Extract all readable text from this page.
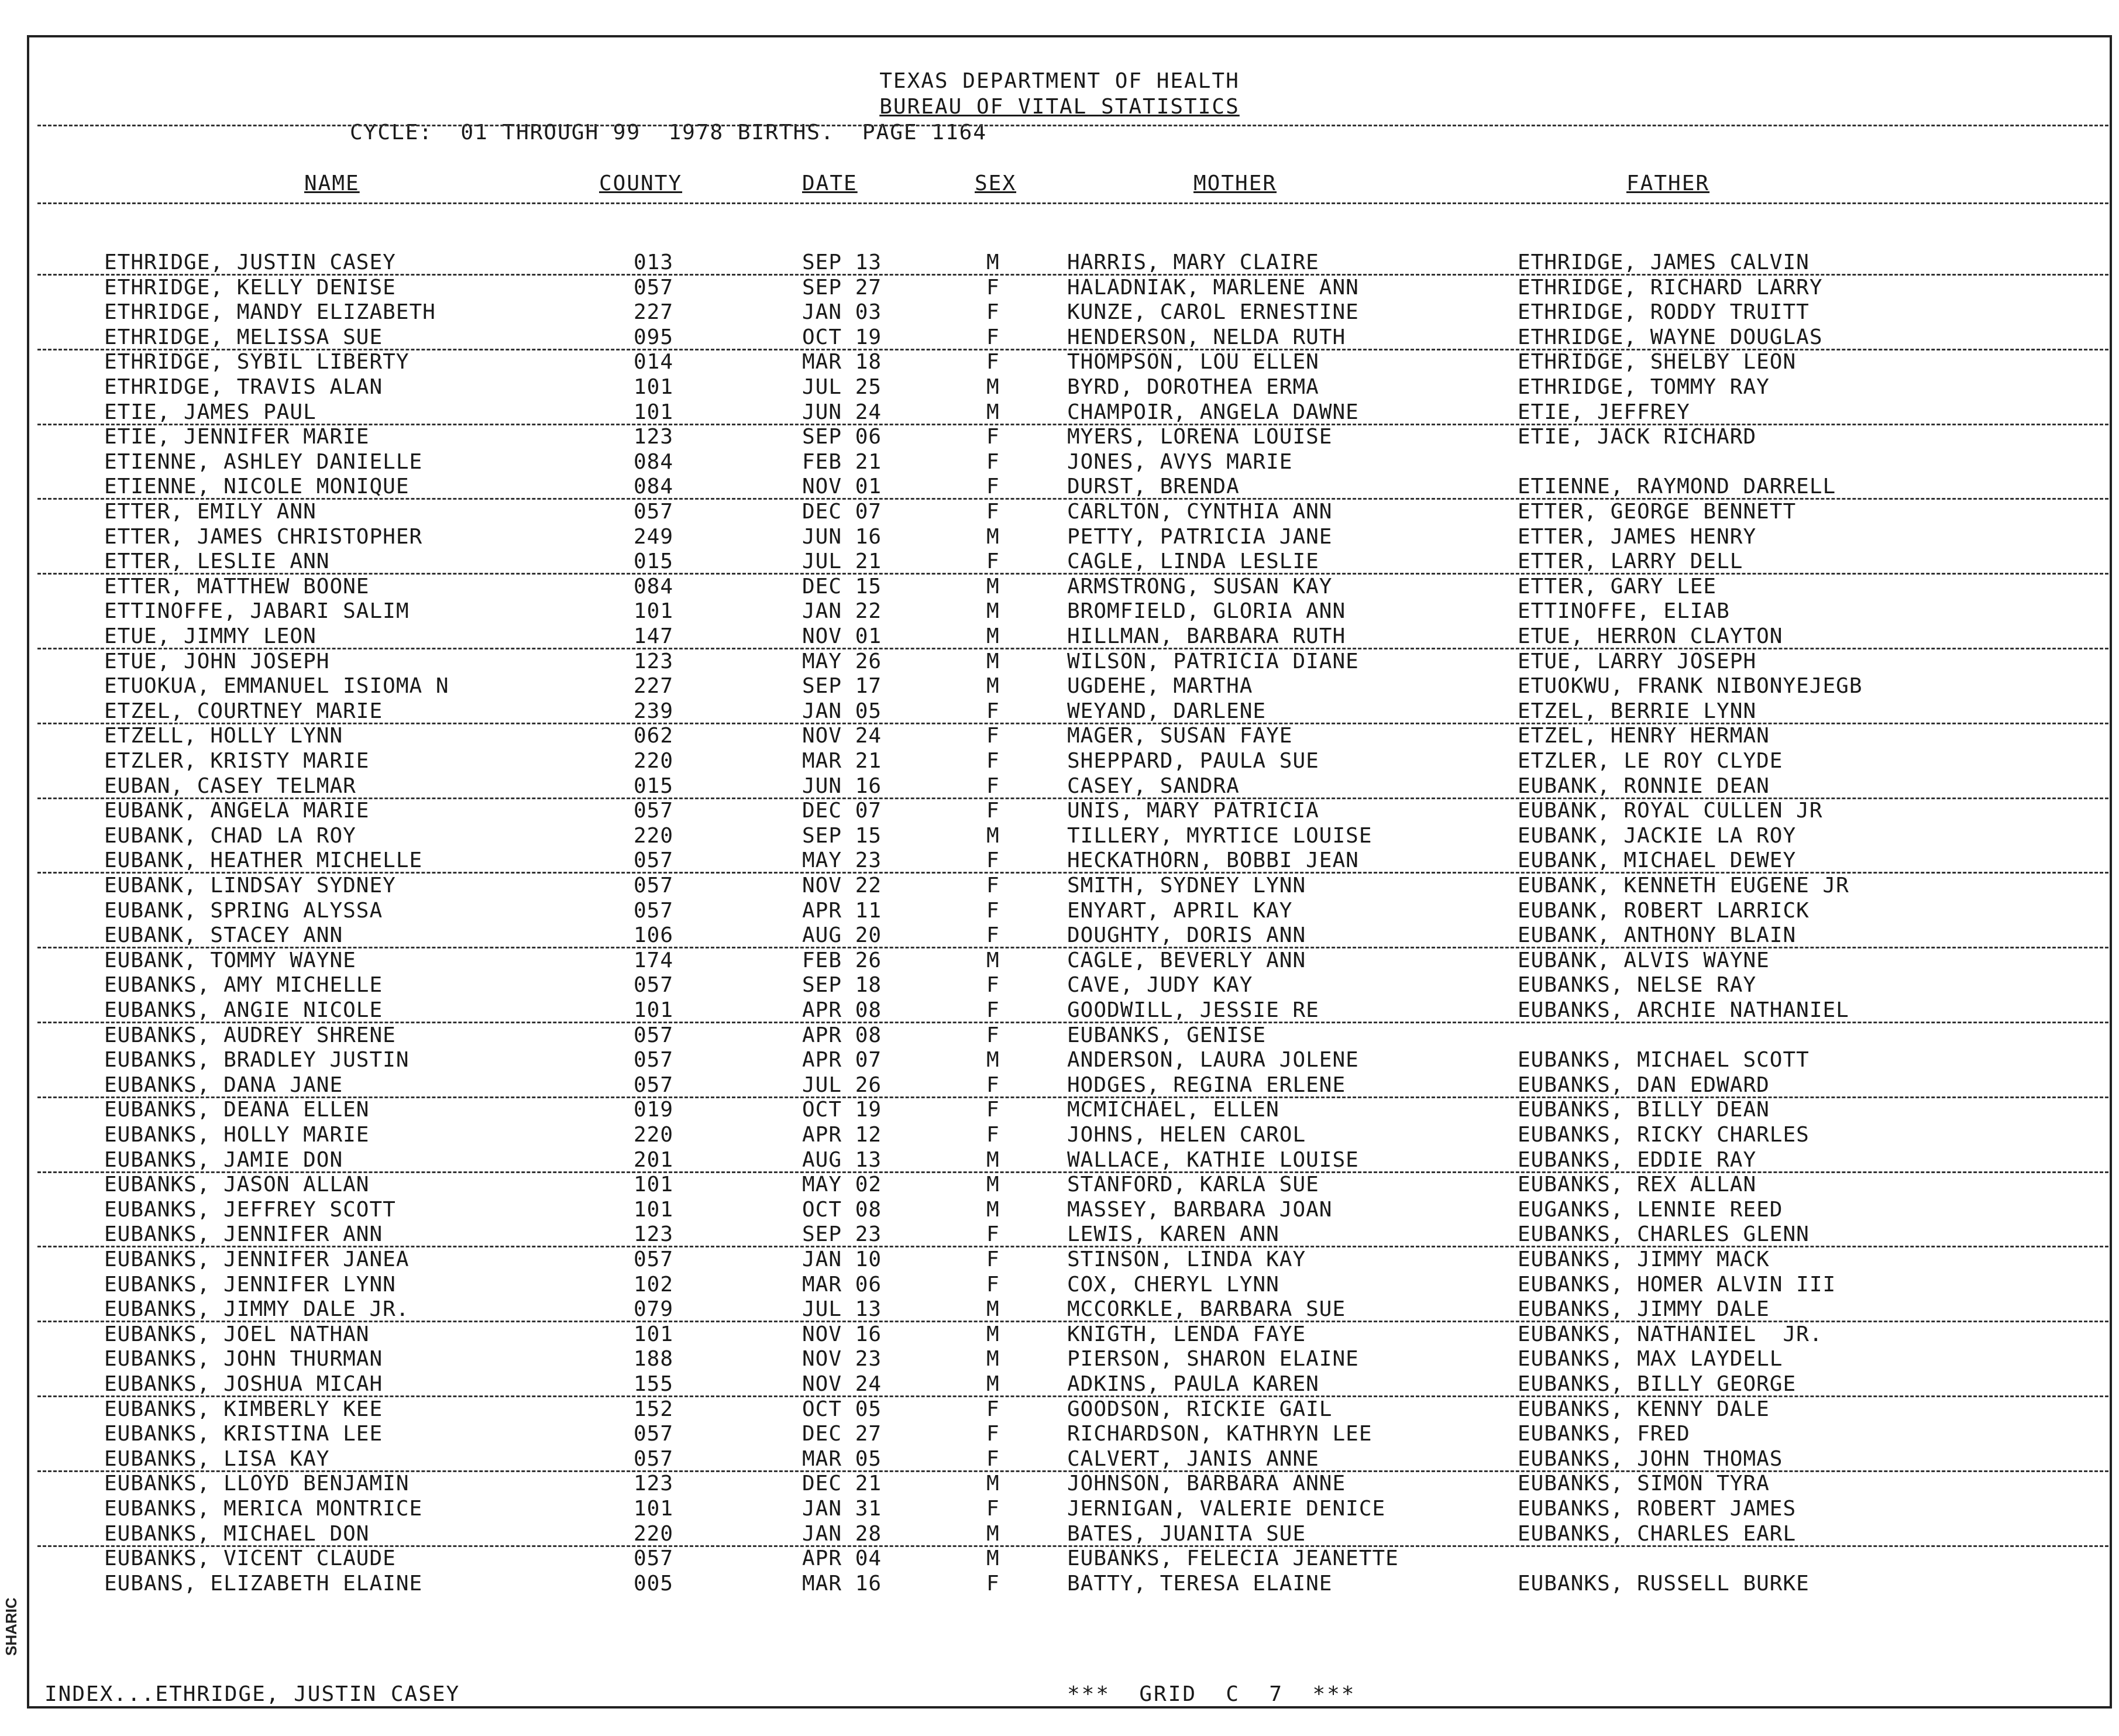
SHARIC
TEXAS DEPARTMENT OF HEALTH
BUREAU OF VITAL STATISTICS
CYCLE:  01 THROUGH 99  1978 BIRTHS.  PAGE 1164
NAME	COUNTY	DATE	SEX	MOTHER	FATHER
ETHRIDGE, JUSTIN CASEY	013	SEP 13	M	HARRIS, MARY CLAIRE	ETHRIDGE, JAMES CALVIN
ETHRIDGE, KELLY DENISE	057	SEP 27	F	HALADNIAK, MARLENE ANN	ETHRIDGE, RICHARD LARRY
ETHRIDGE, MANDY ELIZABETH	227	JAN 03	F	KUNZE, CAROL ERNESTINE	ETHRIDGE, RODDY TRUITT
ETHRIDGE, MELISSA SUE	095	OCT 19	F	HENDERSON, NELDA RUTH	ETHRIDGE, WAYNE DOUGLAS
ETHRIDGE, SYBIL LIBERTY	014	MAR 18	F	THOMPSON, LOU ELLEN	ETHRIDGE, SHELBY LEON
ETHRIDGE, TRAVIS ALAN	101	JUL 25	M	BYRD, DOROTHEA ERMA	ETHRIDGE, TOMMY RAY
ETIE, JAMES PAUL	101	JUN 24	M	CHAMPOIR, ANGELA DAWNE	ETIE, JEFFREY
ETIE, JENNIFER MARIE	123	SEP 06	F	MYERS, LORENA LOUISE	ETIE, JACK RICHARD
ETIENNE, ASHLEY DANIELLE	084	FEB 21	F	JONES, AVYS MARIE
ETIENNE, NICOLE MONIQUE	084	NOV 01	F	DURST, BRENDA	ETIENNE, RAYMOND DARRELL
ETTER, EMILY ANN	057	DEC 07	F	CARLTON, CYNTHIA ANN	ETTER, GEORGE BENNETT
ETTER, JAMES CHRISTOPHER	249	JUN 16	M	PETTY, PATRICIA JANE	ETTER, JAMES HENRY
ETTER, LESLIE ANN	015	JUL 21	F	CAGLE, LINDA LESLIE	ETTER, LARRY DELL
ETTER, MATTHEW BOONE	084	DEC 15	M	ARMSTRONG, SUSAN KAY	ETTER, GARY LEE
ETTINOFFE, JABARI SALIM	101	JAN 22	M	BROMFIELD, GLORIA ANN	ETTINOFFE, ELIAB
ETUE, JIMMY LEON	147	NOV 01	M	HILLMAN, BARBARA RUTH	ETUE, HERRON CLAYTON
ETUE, JOHN JOSEPH	123	MAY 26	M	WILSON, PATRICIA DIANE	ETUE, LARRY JOSEPH
ETUOKUA, EMMANUEL ISIOMA N	227	SEP 17	M	UGDEHE, MARTHA	ETUOKWU, FRANK NIBONYEJEGB
ETZEL, COURTNEY MARIE	239	JAN 05	F	WEYAND, DARLENE	ETZEL, BERRIE LYNN
ETZELL, HOLLY LYNN	062	NOV 24	F	MAGER, SUSAN FAYE	ETZEL, HENRY HERMAN
ETZLER, KRISTY MARIE	220	MAR 21	F	SHEPPARD, PAULA SUE	ETZLER, LE ROY CLYDE
EUBAN, CASEY TELMAR	015	JUN 16	F	CASEY, SANDRA	EUBANK, RONNIE DEAN
EUBANK, ANGELA MARIE	057	DEC 07	F	UNIS, MARY PATRICIA	EUBANK, ROYAL CULLEN JR
EUBANK, CHAD LA ROY	220	SEP 15	M	TILLERY, MYRTICE LOUISE	EUBANK, JACKIE LA ROY
EUBANK, HEATHER MICHELLE	057	MAY 23	F	HECKATHORN, BOBBI JEAN	EUBANK, MICHAEL DEWEY
EUBANK, LINDSAY SYDNEY	057	NOV 22	F	SMITH, SYDNEY LYNN	EUBANK, KENNETH EUGENE JR
EUBANK, SPRING ALYSSA	057	APR 11	F	ENYART, APRIL KAY	EUBANK, ROBERT LARRICK
EUBANK, STACEY ANN	106	AUG 20	F	DOUGHTY, DORIS ANN	EUBANK, ANTHONY BLAIN
EUBANK, TOMMY WAYNE	174	FEB 26	M	CAGLE, BEVERLY ANN	EUBANK, ALVIS WAYNE
EUBANKS, AMY MICHELLE	057	SEP 18	F	CAVE, JUDY KAY	EUBANKS, NELSE RAY
EUBANKS, ANGIE NICOLE	101	APR 08	F	GOODWILL, JESSIE RE	EUBANKS, ARCHIE NATHANIEL
EUBANKS, AUDREY SHRENE	057	APR 08	F	EUBANKS, GENISE
EUBANKS, BRADLEY JUSTIN	057	APR 07	M	ANDERSON, LAURA JOLENE	EUBANKS, MICHAEL SCOTT
EUBANKS, DANA JANE	057	JUL 26	F	HODGES, REGINA ERLENE	EUBANKS, DAN EDWARD
EUBANKS, DEANA ELLEN	019	OCT 19	F	MCMICHAEL, ELLEN	EUBANKS, BILLY DEAN
EUBANKS, HOLLY MARIE	220	APR 12	F	JOHNS, HELEN CAROL	EUBANKS, RICKY CHARLES
EUBANKS, JAMIE DON	201	AUG 13	M	WALLACE, KATHIE LOUISE	EUBANKS, EDDIE RAY
EUBANKS, JASON ALLAN	101	MAY 02	M	STANFORD, KARLA SUE	EUBANKS, REX ALLAN
EUBANKS, JEFFREY SCOTT	101	OCT 08	M	MASSEY, BARBARA JOAN	EUGANKS, LENNIE REED
EUBANKS, JENNIFER ANN	123	SEP 23	F	LEWIS, KAREN ANN	EUBANKS, CHARLES GLENN
EUBANKS, JENNIFER JANEA	057	JAN 10	F	STINSON, LINDA KAY	EUBANKS, JIMMY MACK
EUBANKS, JENNIFER LYNN	102	MAR 06	F	COX, CHERYL LYNN	EUBANKS, HOMER ALVIN III
EUBANKS, JIMMY DALE JR.	079	JUL 13	M	MCCORKLE, BARBARA SUE	EUBANKS, JIMMY DALE
EUBANKS, JOEL NATHAN	101	NOV 16	M	KNIGTH, LENDA FAYE	EUBANKS, NATHANIEL  JR.
EUBANKS, JOHN THURMAN	188	NOV 23	M	PIERSON, SHARON ELAINE	EUBANKS, MAX LAYDELL
EUBANKS, JOSHUA MICAH	155	NOV 24	M	ADKINS, PAULA KAREN	EUBANKS, BILLY GEORGE
EUBANKS, KIMBERLY KEE	152	OCT 05	F	GOODSON, RICKIE GAIL	EUBANKS, KENNY DALE
EUBANKS, KRISTINA LEE	057	DEC 27	F	RICHARDSON, KATHRYN LEE	EUBANKS, FRED
EUBANKS, LISA KAY	057	MAR 05	F	CALVERT, JANIS ANNE	EUBANKS, JOHN THOMAS
EUBANKS, LLOYD BENJAMIN	123	DEC 21	M	JOHNSON, BARBARA ANNE	EUBANKS, SIMON TYRA
EUBANKS, MERICA MONTRICE	101	JAN 31	F	JERNIGAN, VALERIE DENICE	EUBANKS, ROBERT JAMES
EUBANKS, MICHAEL DON	220	JAN 28	M	BATES, JUANITA SUE	EUBANKS, CHARLES EARL
EUBANKS, VICENT CLAUDE	057	APR 04	M	EUBANKS, FELECIA JEANETTE
EUBANS, ELIZABETH ELAINE	005	MAR 16	F	BATTY, TERESA ELAINE	EUBANKS, RUSSELL BURKE
INDEX...ETHRIDGE, JUSTIN CASEY	***  GRID  C  7  ***
